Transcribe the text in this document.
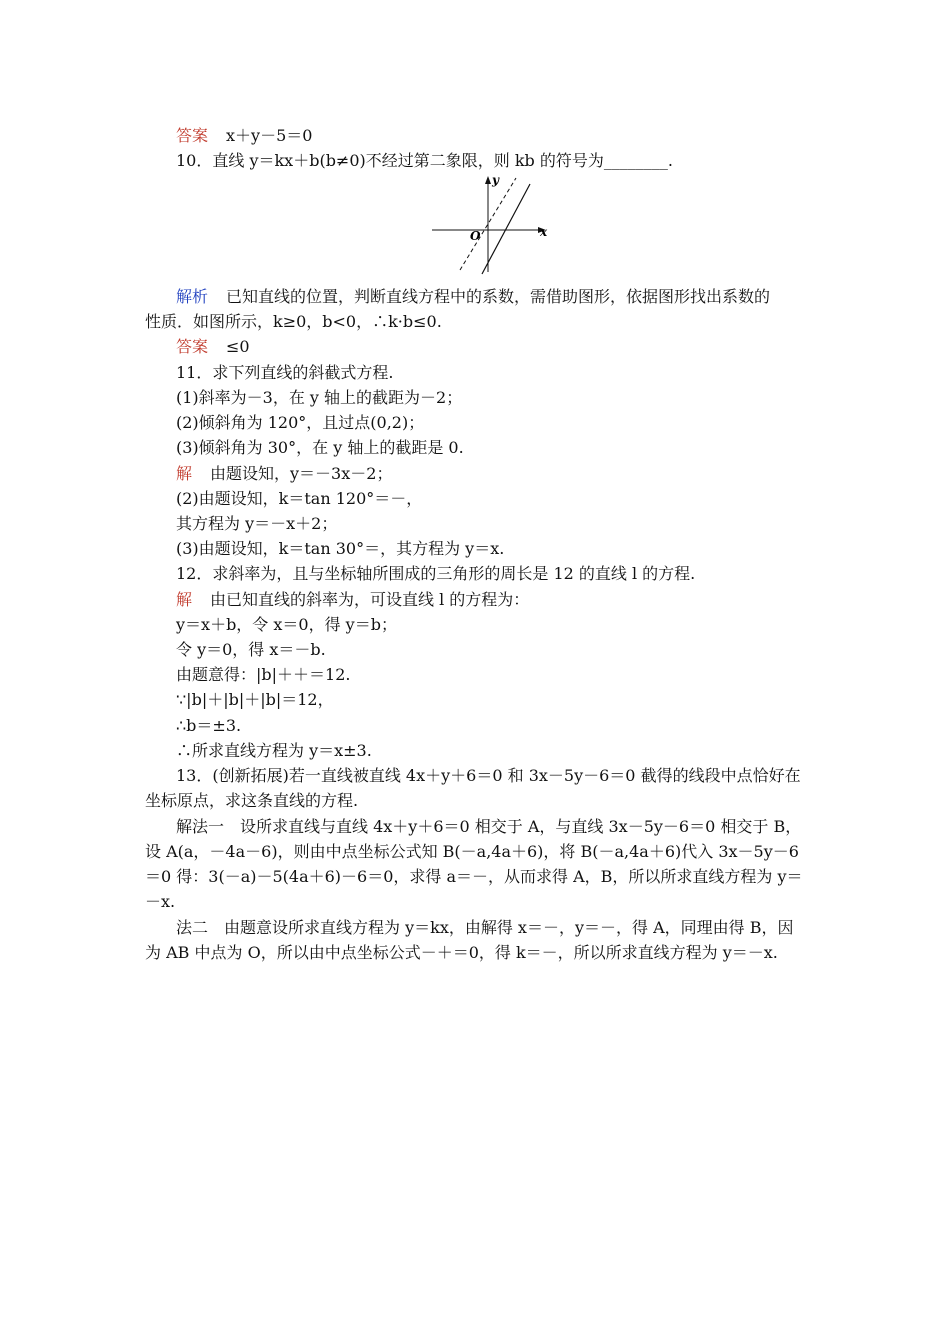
答案 x＋y－5＝0
10．直线 y＝kx＋b(b≠0)不经过第二象限，则 kb 的符号为________.
解析 已知直线的位置，判断直线方程中的系数，需借助图形，依据图形找出系数的
性质．如图所示，k≥0，b<0，∴k·b≤0.
答案 ≤0
11．求下列直线的斜截式方程.
(1)斜率为－3，在 y 轴上的截距为－2；
(2)倾斜角为 120°，且过点(0,2)；
(3)倾斜角为 30°，在 y 轴上的截距是 0.
解 由题设知，y＝－3x－2；
(2)由题设知，k＝tan 120°＝－，
其方程为 y＝－x＋2；
(3)由题设知，k＝tan 30°＝，其方程为 y＝x.
12．求斜率为，且与坐标轴所围成的三角形的周长是 12 的直线 l 的方程.
解 由已知直线的斜率为，可设直线 l 的方程为：
y＝x＋b，令 x＝0，得 y＝b；
令 y＝0，得 x＝－b.
由题意得：|b|＋＋＝12.
∵|b|＋|b|＋|b|＝12，
∴b＝±3.
∴所求直线方程为 y＝x±3.
13．(创新拓展)若一直线被直线 4x＋y＋6＝0 和 3x－5y－6＝0 截得的线段中点恰好在
坐标原点，求这条直线的方程.
解法一　设所求直线与直线 4x＋y＋6＝0 相交于 A，与直线 3x－5y－6＝0 相交于 B，
设 A(a，－4a－6)，则由中点坐标公式知 B(－a,4a＋6)，将 B(－a,4a＋6)代入 3x－5y－6
＝0 得：3(－a)－5(4a＋6)－6＝0，求得 a＝－，从而求得 A，B，所以所求直线方程为 y＝
－x.
法二　由题意设所求直线方程为 y＝kx，由解得 x＝－，y＝－，得 A，同理由得 B，因
为 AB 中点为 O，所以由中点坐标公式－＋＝0，得 k＝－，所以所求直线方程为 y＝－x.
x
y
O
